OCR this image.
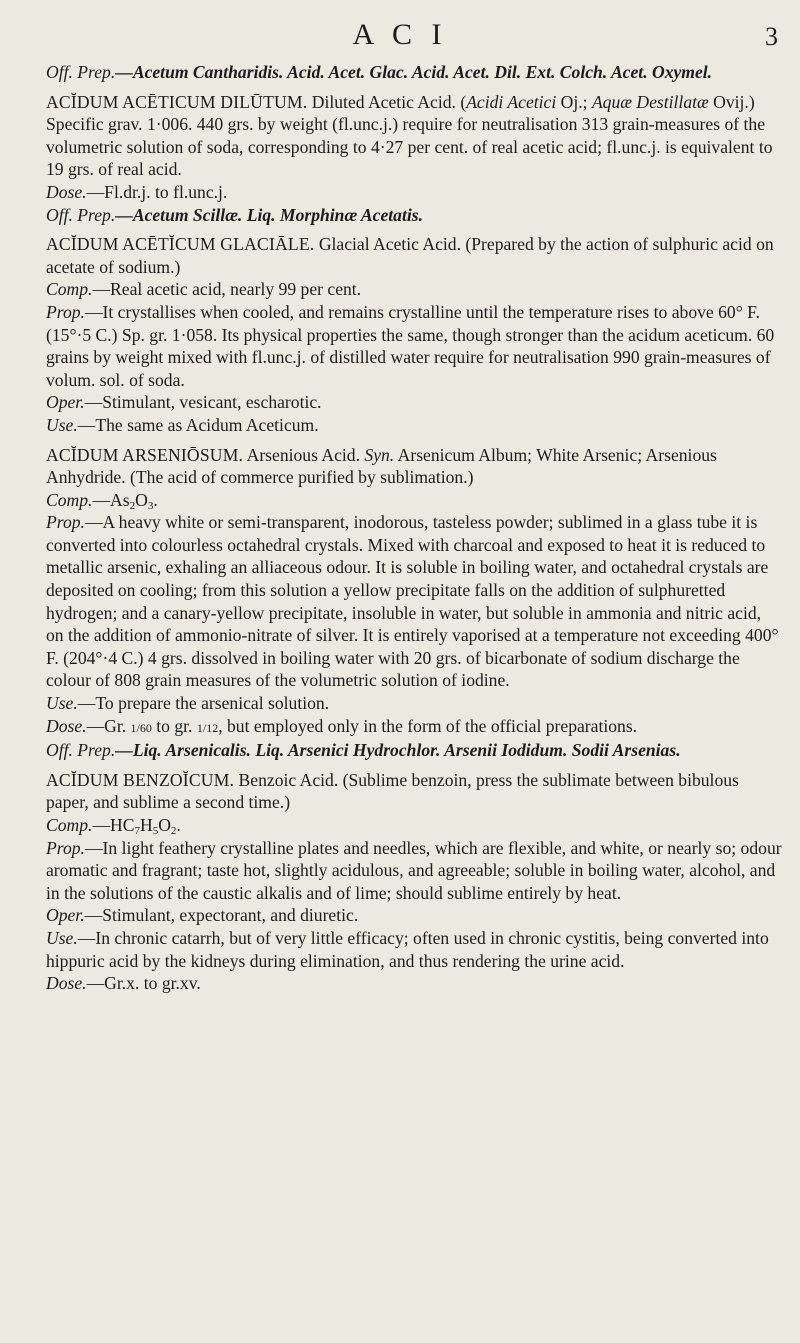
A C I	3

Off. Prep.—Acetum Cantharidis. Acid. Acet. Glac. Acid. Acet. Dil. Ext. Colch. Acet. Oxymel.

ACĬDUM ACĒTICUM DILŪTUM. Diluted Acetic Acid. (Acidi Acetici Oj.; Aquæ Destillatæ Ovij.) Specific grav. 1·006. 440 grs. by weight (fl.unc.j.) require for neutralisation 313 grain-measures of the volumetric solution of soda, corresponding to 4·27 per cent. of real acetic acid; fl.unc.j. is equivalent to 19 grs. of real acid.

Dose.—Fl.dr.j. to fl.unc.j.

Off. Prep.—Acetum Scillæ. Liq. Morphinæ Acetatis.

ACĬDUM ACĒTĬCUM GLACIĀLE. Glacial Acetic Acid. (Prepared by the action of sulphuric acid on acetate of sodium.)

Comp.—Real acetic acid, nearly 99 per cent.

Prop.—It crystallises when cooled, and remains crystalline until the temperature rises to above 60° F. (15°·5 C.) Sp. gr. 1·058. Its physical properties the same, though stronger than the acidum aceticum. 60 grains by weight mixed with fl.unc.j. of distilled water require for neutralisation 990 grain-measures of volum. sol. of soda.

Oper.—Stimulant, vesicant, escharotic.

Use.—The same as Acidum Aceticum.

ACĬDUM ARSENIŌSUM. Arsenious Acid. Syn. Arsenicum Album; White Arsenic; Arsenious Anhydride. (The acid of commerce purified by sublimation.)

$Comp.—As_2O_3$.

Prop.—A heavy white or semi-transparent, inodorous, tasteless powder; sublimed in a glass tube it is converted into colourless octahedral crystals. Mixed with charcoal and exposed to heat it is reduced to metallic arsenic, exhaling an alliaceous odour. It is soluble in boiling water, and octahedral crystals are deposited on cooling; from this solution a yellow precipitate falls on the addition of sulphuretted hydrogen; and a canary-yellow precipitate, insoluble in water, but soluble in ammonia and nitric acid, on the addition of ammonio-nitrate of silver. It is entirely vaporised at a temperature not exceeding 400° F. (204°·4 C.) 4 grs. dissolved in boiling water with 20 grs. of bicarbonate of sodium discharge the colour of 808 grain measures of the volumetric solution of iodine.

Use.—To prepare the arsenical solution.

Dose.—Gr. 1/60 to gr. 1/12, but employed only in the form of the official preparations.

Off. Prep.—Liq. Arsenicalis. Liq. Arsenici Hydrochlor. Arsenii Iodidum. Sodii Arsenias.

ACĬDUM BENZOĬCUM. Benzoic Acid. (Sublime benzoin, press the sublimate between bibulous paper, and sublime a second time.)

$Comp.—HC_7H_5O_2$.

Prop.—In light feathery crystalline plates and needles, which are flexible, and white, or nearly so; odour aromatic and fragrant; taste hot, slightly acidulous, and agreeable; soluble in boiling water, alcohol, and in the solutions of the caustic alkalis and of lime; should sublime entirely by heat.

Oper.—Stimulant, expectorant, and diuretic.

Use.—In chronic catarrh, but of very little efficacy; often used in chronic cystitis, being converted into hippuric acid by the kidneys during elimination, and thus rendering the urine acid.

Dose.—Gr.x. to gr.xv.
